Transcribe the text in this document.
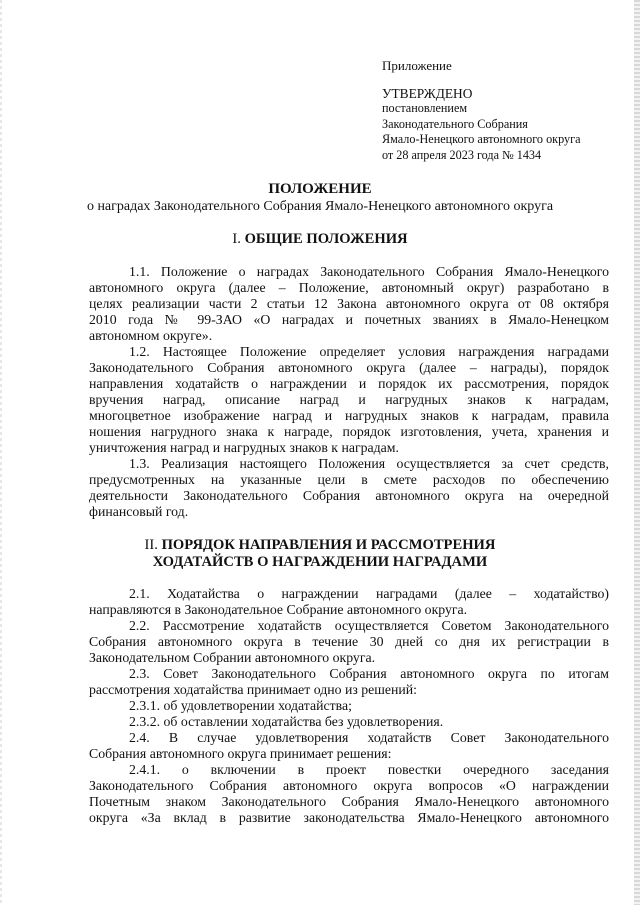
Приложение
УТВЕРЖДЕНО
постановлением
Законодательного Собрания
Ямало-Ненецкого автономного округа
от 28 апреля 2023 года № 1434
ПОЛОЖЕНИЕ
о наградах Законодательного Собрания Ямало-Ненецкого автономного округа
I. ОБЩИЕ ПОЛОЖЕНИЯ

1.1. Положение о наградах Законодательного Собрания Ямало-Ненецкого
автономного округа (далее – Положение, автономный округ) разработано в
целях реализации части 2 статьи 12 Закона автономного округа от 08 октября
2010 года № 99-ЗАО «О наградах и почетных званиях в Ямало-Ненецком
автономном округе».

1.2. Настоящее Положение определяет условия награждения наградами
Законодательного Собрания автономного округа (далее – награды), порядок
направления ходатайств о награждении и порядок их рассмотрения, порядок
вручения наград, описание наград и нагрудных знаков к наградам,
многоцветное изображение наград и нагрудных знаков к наградам, правила
ношения нагрудного знака к награде, порядок изготовления, учета, хранения и
уничтожения наград и нагрудных знаков к наградам.

1.3. Реализация настоящего Положения осуществляется за счет средств,
предусмотренных на указанные цели в смете расходов по обеспечению
деятельности Законодательного Собрания автономного округа на очередной
финансовый год.

II. ПОРЯДОК НАПРАВЛЕНИЯ И РАССМОТРЕНИЯ
ХОДАТАЙСТВ О НАГРАЖДЕНИИ НАГРАДАМИ

2.1. Ходатайства о награждении наградами (далее – ходатайство)
направляются в Законодательное Собрание автономного округа.

2.2. Рассмотрение ходатайств осуществляется Советом Законодательного
Собрания автономного округа в течение 30 дней со дня их регистрации в
Законодательном Собрании автономного округа.

2.3. Совет Законодательного Собрания автономного округа по итогам
рассмотрения ходатайства принимает одно из решений:

2.3.1. об удовлетворении ходатайства;

2.3.2. об оставлении ходатайства без удовлетворения.

2.4. В случае удовлетворения ходатайств Совет Законодательного
Собрания автономного округа принимает решения:

2.4.1. о включении в проект повестки очередного заседания
Законодательного Собрания автономного округа вопросов «О награждении
Почетным знаком Законодательного Собрания Ямало-Ненецкого автономного
округа «За вклад в развитие законодательства Ямало-Ненецкого автономного
